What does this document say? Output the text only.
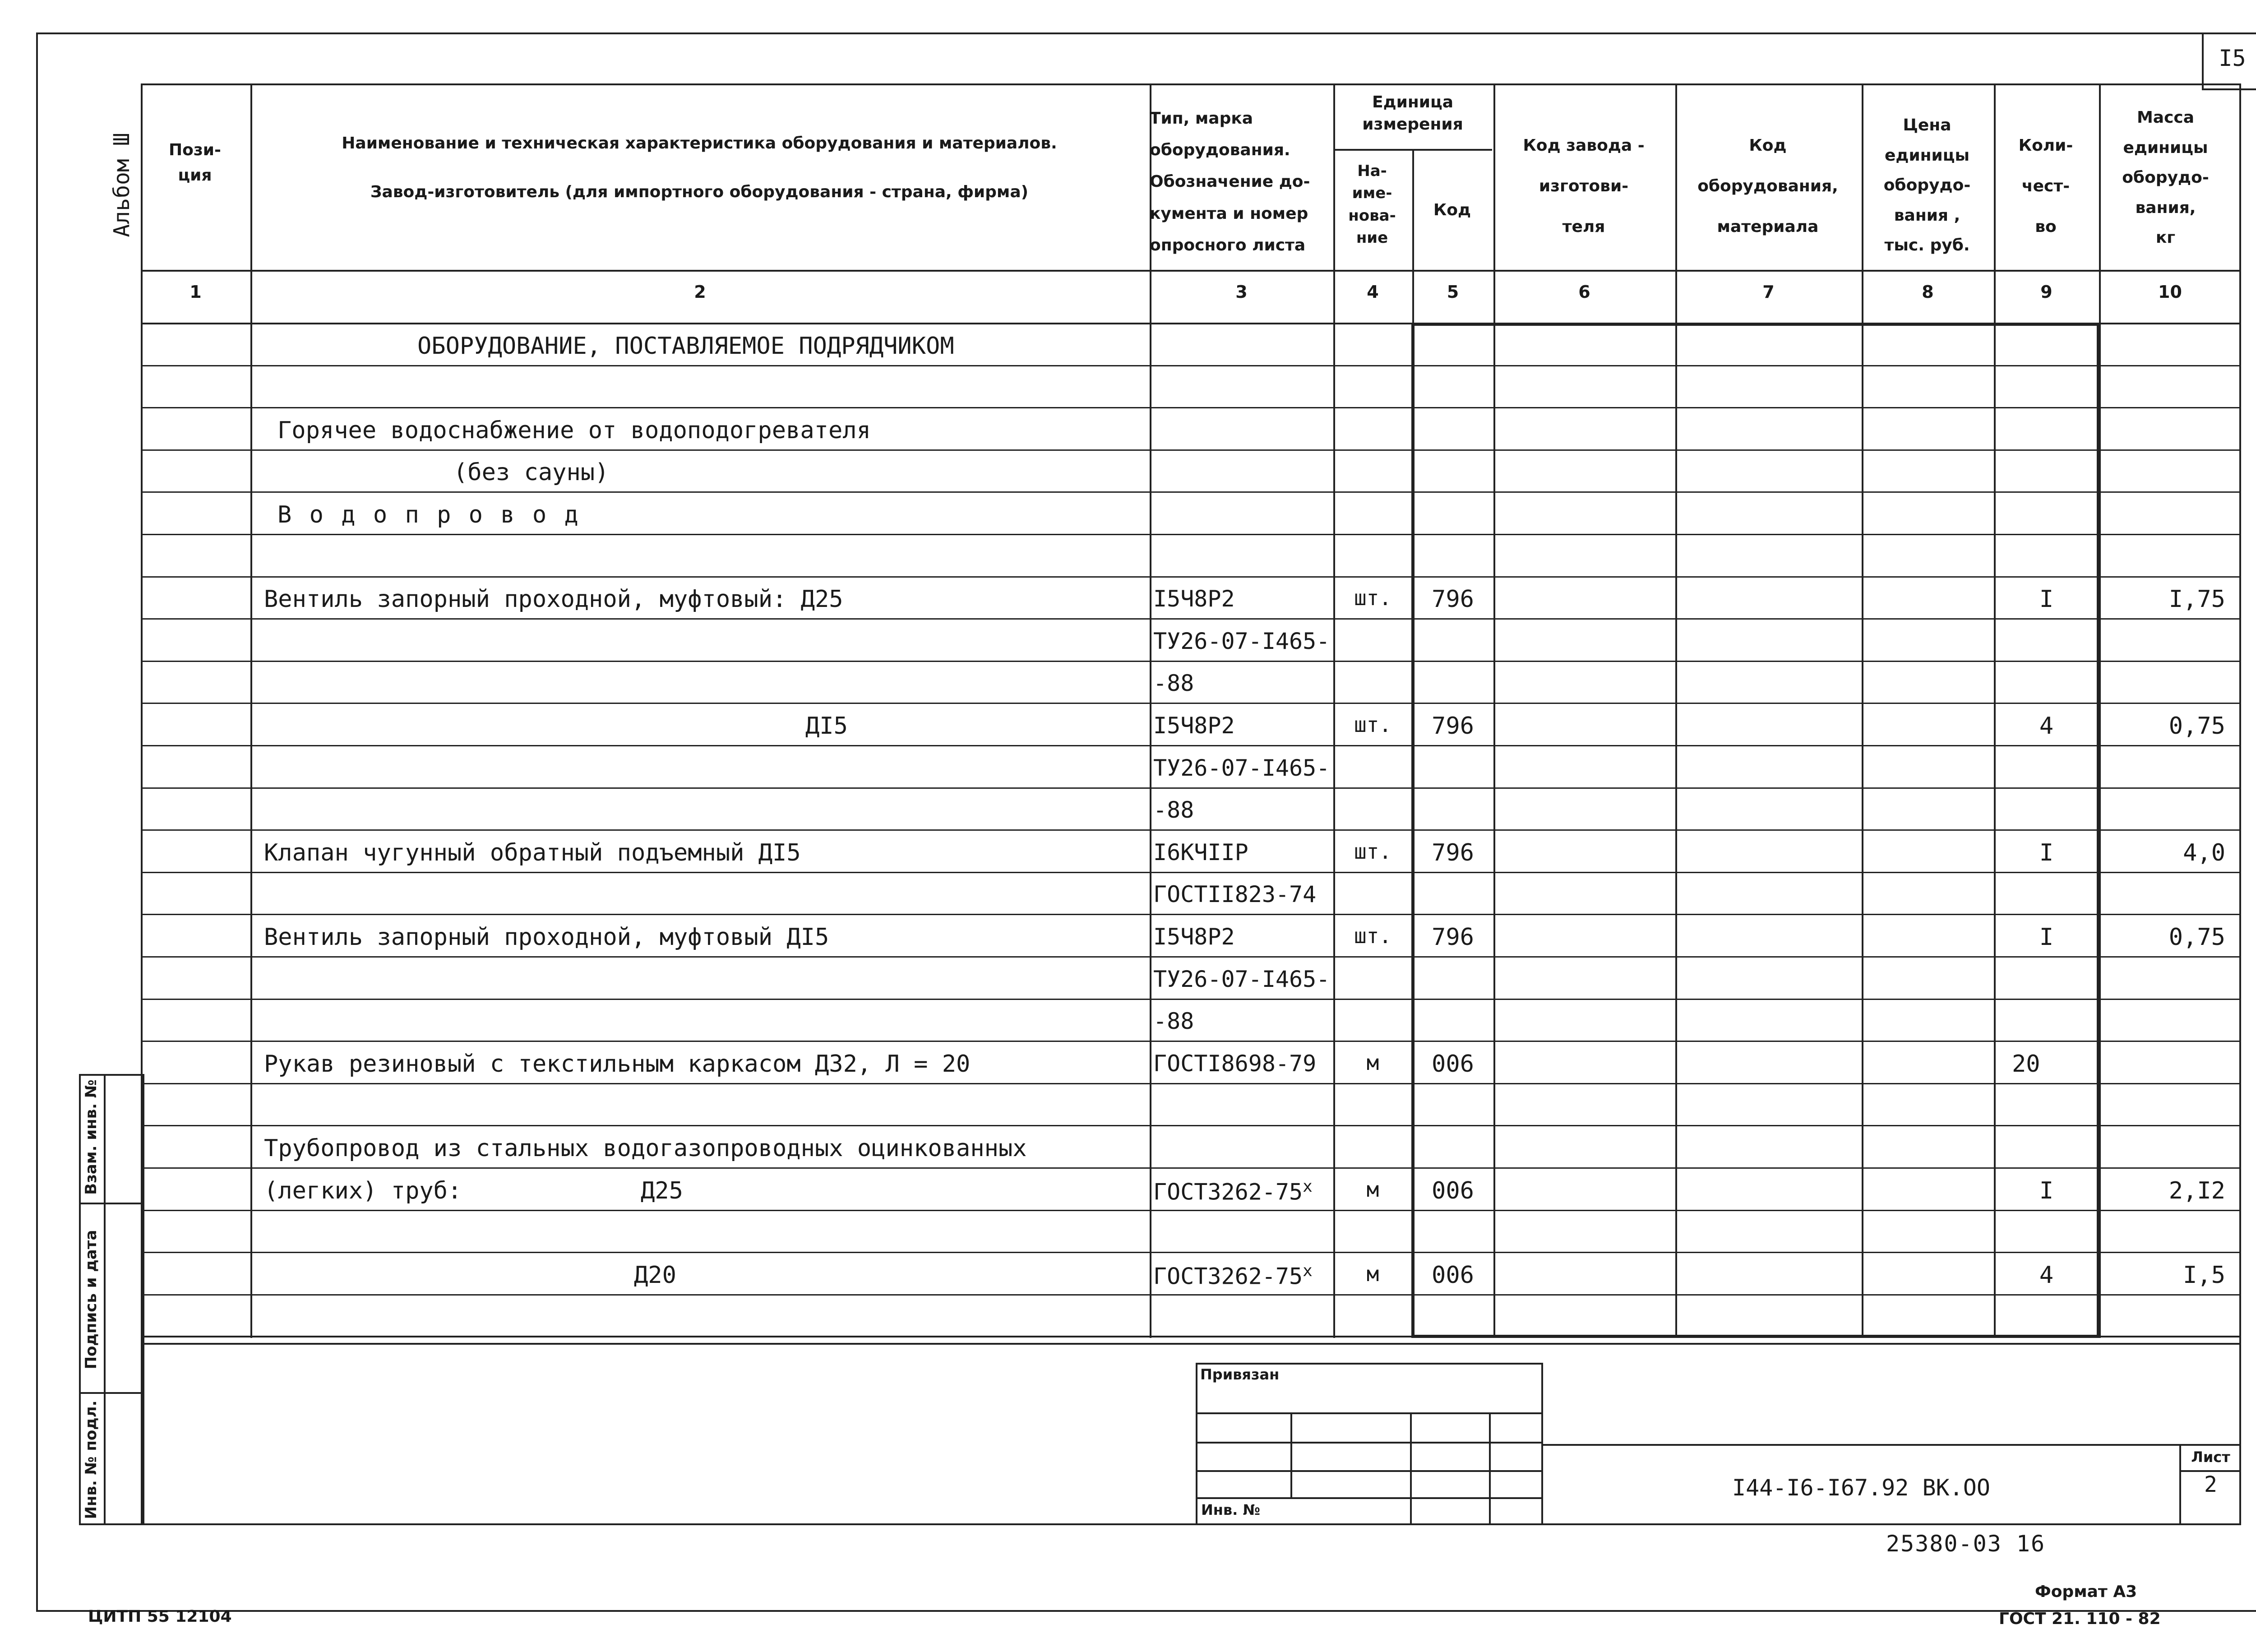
I5
Альбом Ш
Взам. инв. №
Подпись и дата
Инв. № подл.
Пози-
ция
Наименование и техническая характеристика оборудования и материалов.
Завод-изготовитель (для импортного оборудования - страна, фирма)
Тип, марка
оборудования.
Обозначение до-
кумента и номер
опросного листа
Единица
измерения
На-
име-
нова-
ние
Код
Код завода -
изготови-
теля
Код
оборудования,
материала
Цена
единицы
оборудо-
вания ,
тыс. руб.
Коли-
чест-
во
Масса
единицы
оборудо-
вания,
кг
1	2	3	4	5	6	7	8	9	10
ОБОРУДОВАНИЕ, ПОСТАВЛЯЕМОЕ ПОДРЯДЧИКОМ
Горячее водоснабжение от водоподогревателя
(без сауны)
В о д о п р о в о д
Вентиль запорный проходной, муфтовый: Д25	I5Ч8Р2	шт.	796	I	I,75
ТУ26-07-I465-
-88
ДI5	I5Ч8Р2	шт.	796	4	0,75
ТУ26-07-I465-
-88
Клапан чугунный обратный подъемный ДI5	I6КЧIIР	шт.	796	I	4,0
ГОСТII823-74
Вентиль запорный проходной, муфтовый ДI5	I5Ч8Р2	шт.	796	I	0,75
ТУ26-07-I465-
-88
Рукав резиновый с текстильным каркасом Д32, Л = 20	ГОСТI8698-79	м	006	20
Трубопровод из стальных водогазопроводных оцинкованных
(легких) труб:	Д25	$ГОСТ3262-75^х$	м	006	I	2,I2
Д20	$ГОСТ3262-75^х$	м	006	4	I,5
Привязан
Инв. №
Лист
2
I44-I6-I67.92 ВК.ОО
25380-03 16
Формат А3
ЦИТП 55 12104	ГОСТ 21. 110 - 82
